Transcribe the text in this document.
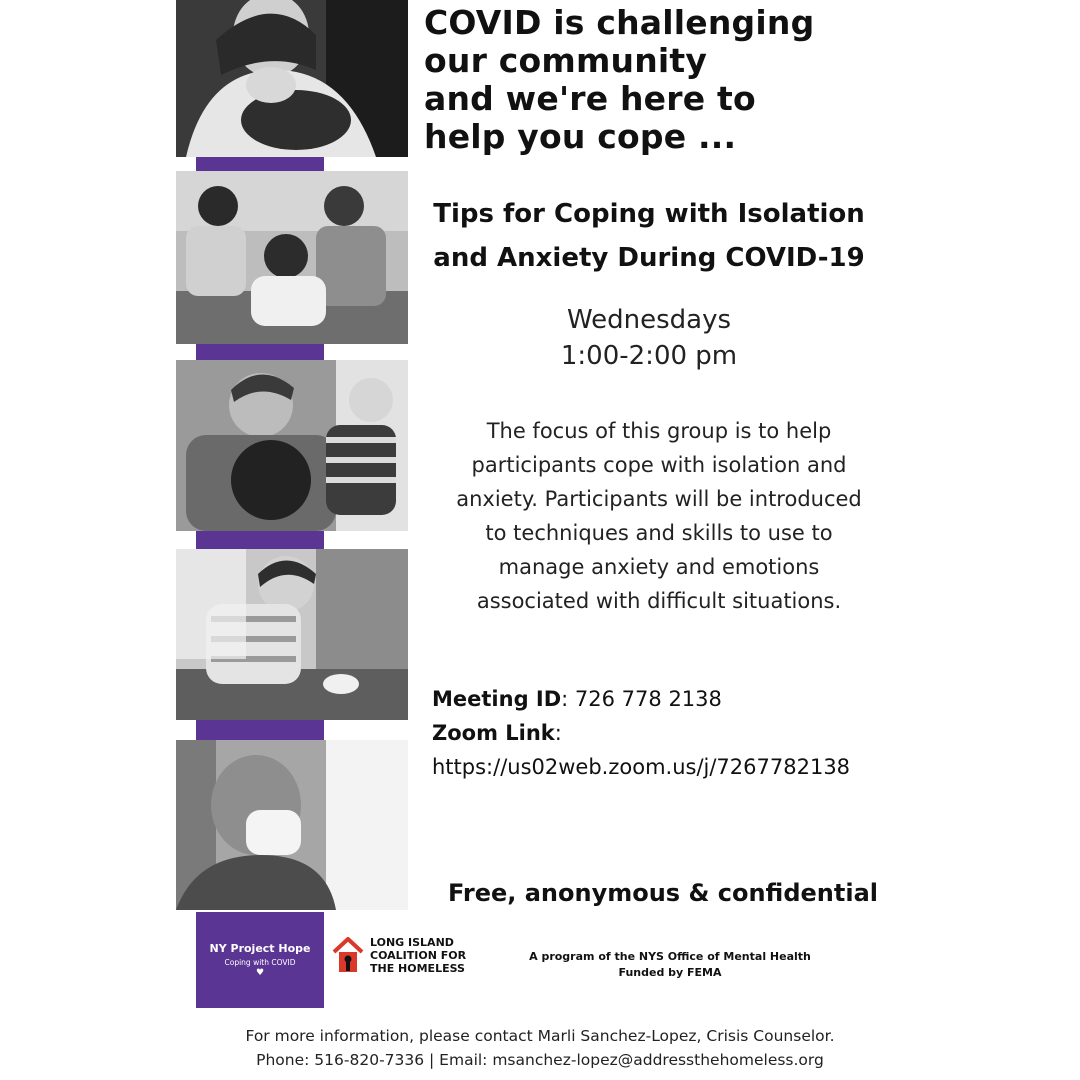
COVID is challenging
our community
and we're here to
help you cope ...
Tips for Coping with Isolation
and Anxiety During COVID-19
Wednesdays
1:00-2:00 pm
The focus of this group is to help
participants cope with isolation and
anxiety. Participants will be introduced
to techniques and skills to use to
manage anxiety and emotions
associated with difficult situations.
Meeting ID: 726 778 2138
Zoom Link:
https://us02web.zoom.us/j/7267782138
Free, anonymous & confidential
NY Project Hope
Coping with COVID
♥
LONG ISLAND
COALITION FOR
THE HOMELESS
A program of the NYS Office of Mental Health
Funded by FEMA
For more information, please contact Marli Sanchez-Lopez, Crisis Counselor.
Phone: 516-820-7336 | Email: msanchez-lopez@addressthehomeless.org
